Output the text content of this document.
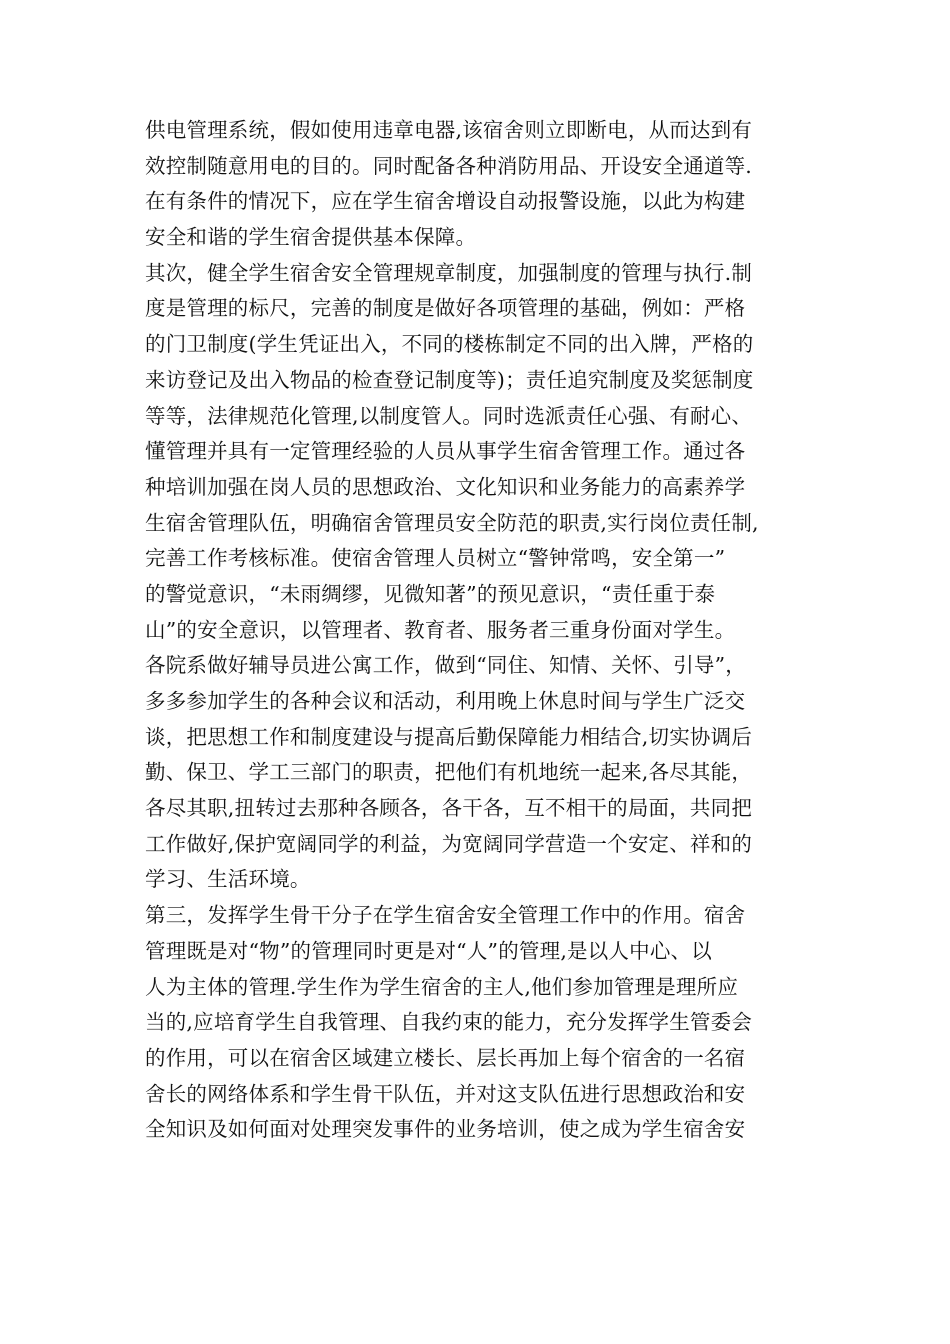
供电管理系统，假如使用违章电器,该宿舍则立即断电，从而达到有
效控制随意用电的目的。同时配备各种消防用品、开设安全通道等.
在有条件的情况下，应在学生宿舍增设自动报警设施，以此为构建
安全和谐的学生宿舍提供基本保障。
其次，健全学生宿舍安全管理规章制度，加强制度的管理与执行.制
度是管理的标尺，完善的制度是做好各项管理的基础，例如：严格
的门卫制度(学生凭证出入，不同的楼栋制定不同的出入牌，严格的
来访登记及出入物品的检查登记制度等)；责任追究制度及奖惩制度
等等，法律规范化管理,以制度管人。同时选派责任心强、有耐心、
懂管理并具有一定管理经验的人员从事学生宿舍管理工作。通过各
种培训加强在岗人员的思想政治、文化知识和业务能力的高素养学
生宿舍管理队伍，明确宿舍管理员安全防范的职责,实行岗位责任制,
完善工作考核标准。使宿舍管理人员树立“警钟常鸣，安全第一”
的警觉意识，“未雨绸缪，见微知著”的预见意识，“责任重于泰
山”的安全意识，以管理者、教育者、服务者三重身份面对学生。
各院系做好辅导员进公寓工作，做到“同住、知情、关怀、引导”，
多多参加学生的各种会议和活动，利用晚上休息时间与学生广泛交
谈，把思想工作和制度建设与提高后勤保障能力相结合,切实协调后
勤、保卫、学工三部门的职责，把他们有机地统一起来,各尽其能，
各尽其职,扭转过去那种各顾各，各干各，互不相干的局面，共同把
工作做好,保护宽阔同学的利益，为宽阔同学营造一个安定、祥和的
学习、生活环境。
第三，发挥学生骨干分子在学生宿舍安全管理工作中的作用。宿舍
管理既是对“物”的管理同时更是对“人”的管理,是以人中心、以
人为主体的管理.学生作为学生宿舍的主人,他们参加管理是理所应
当的,应培育学生自我管理、自我约束的能力，充分发挥学生管委会
的作用，可以在宿舍区域建立楼长、层长再加上每个宿舍的一名宿
舍长的网络体系和学生骨干队伍，并对这支队伍进行思想政治和安
全知识及如何面对处理突发事件的业务培训，使之成为学生宿舍安
